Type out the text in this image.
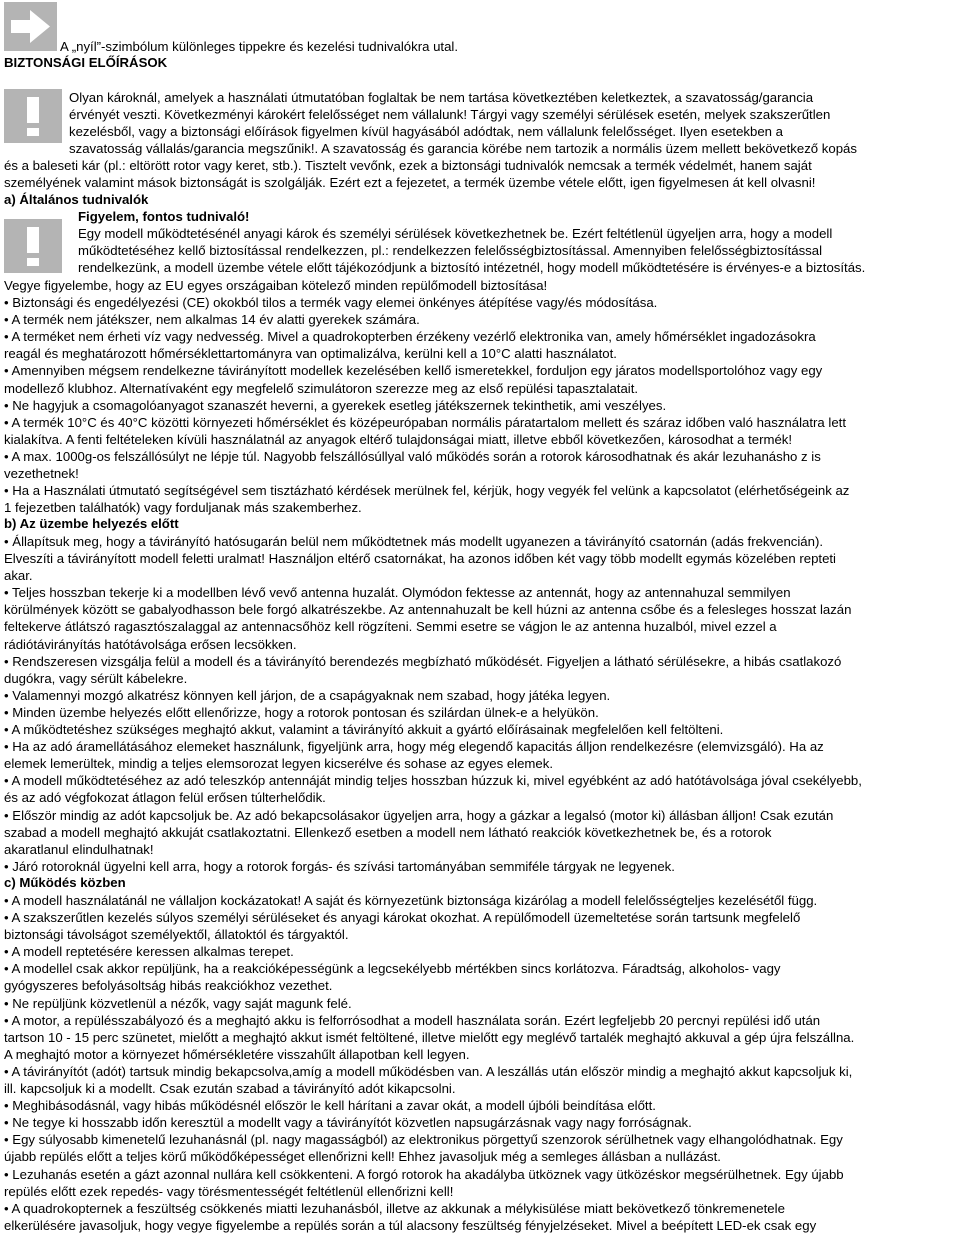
A „nyíl”-szimbólum különleges tippekre és kezelési tudnivalókra utal.
BIZTONSÁGI ELŐÍRÁSOK
Olyan károknál, amelyek a használati útmutatóban foglaltak be nem tartása következtében keletkeztek, a szavatosság/garancia
érvényét veszti. Következményi károkért felelősséget nem vállalunk! Tárgyi vagy személyi sérülések esetén, melyek szakszerűtlen
kezelésből, vagy a biztonsági előírások figyelmen kívül hagyásából adódtak, nem vállalunk felelősséget. Ilyen esetekben a
szavatosság vállalás/garancia megszűnik!. A szavatosság és garancia körébe nem tartozik a normális üzem mellett bekövetkező kopás
és a baleseti kár (pl.: eltörött rotor vagy keret, stb.). Tisztelt vevőnk, ezek a biztonsági tudnivalók nemcsak a termék védelmét, hanem saját
személyének valamint mások biztonságát is szolgálják. Ezért ezt a fejezetet, a termék üzembe vétele előtt, igen figyelmesen át kell olvasni!
a) Általános tudnivalók
Figyelem, fontos tudnivaló!
Egy modell működtetésénél anyagi károk és személyi sérülések következhetnek be. Ezért feltétlenül ügyeljen arra, hogy a modell
működtetéséhez kellő biztosítással rendelkezzen, pl.: rendelkezzen felelősségbiztosítással. Amennyiben felelősségbiztosítással
rendelkezünk, a modell üzembe vétele előtt tájékozódjunk a biztosító intézetnél, hogy modell működtetésére is érvényes-e a biztosítás.

Vegye figyelembe, hogy az EU egyes országaiban kötelező minden repülőmodell biztosítása!

• Biztonsági és engedélyezési (CE) okokból tilos a termék vagy elemei önkényes átépítése vagy/és módosítása.

• A termék nem játékszer, nem alkalmas 14 év alatti gyerekek számára.

• A terméket nem érheti víz vagy nedvesség. Mivel a quadrokopterben érzékeny vezérlő elektronika van, amely hőmérséklet ingadozásokra

reagál és meghatározott hőmérséklettartományra van optimalizálva, kerülni kell a 10°C alatti használatot.

• Amennyiben mégsem rendelkezne távirányított modellek kezelésében kellő ismeretekkel, forduljon egy járatos modellsportolóhoz vagy egy

modellező klubhoz. Alternatívaként egy megfelelő szimulátoron szerezze meg az első repülési tapasztalatait.

• Ne hagyjuk a csomagolóanyagot szanaszét heverni, a gyerekek esetleg játékszernek tekinthetik, ami veszélyes.

• A termék 10°C és 40°C közötti környezeti hőmérséklet és középeurópaban normális páratartalom mellett és száraz időben való használatra lett

kialakítva. A fenti feltételeken kívüli használatnál az anyagok eltérő tulajdonságai miatt, illetve ebből következően, károsodhat a termék!

• A max. 1000g-os felszállósúlyt ne lépje túl. Nagyobb felszállósúllyal való működés során a rotorok károsodhatnak és akár lezuhanásho z is

vezethetnek!

• Ha a Használati útmutató segítségével sem tisztázható kérdések merülnek fel, kérjük, hogy vegyék fel velünk a kapcsolatot (elérhetőségeink az

1 fejezetben találhatók) vagy forduljanak más szakemberhez.

b) Az üzembe helyezés előtt

• Állapítsuk meg, hogy a távirányító hatósugarán belül nem működtetnek más modellt ugyanezen a távirányító csatornán (adás frekvencián).

Elveszíti a távirányított modell feletti uralmat! Használjon eltérő csatornákat, ha azonos időben két vagy több modellt egymás közelében repteti

akar.

• Teljes hosszban tekerje ki a modellben lévő vevő antenna huzalát. Olymódon fektesse az antennát, hogy az antennahuzal semmilyen

körülmények között se gabalyodhasson bele forgó alkatrészekbe. Az antennahuzalt be kell húzni az antenna csőbe és a felesleges hosszat lazán

feltekerve átlátszó ragasztószalaggal az antennacsőhöz kell rögzíteni. Semmi esetre se vágjon le az antenna huzalból, mivel ezzel a

rádiótávirányítás hatótávolsága erősen lecsökken.

• Rendszeresen vizsgálja felül a modell és a távirányító berendezés megbízható működését. Figyeljen a látható sérülésekre, a hibás csatlakozó

dugókra, vagy sérült kábelekre.

• Valamennyi mozgó alkatrész könnyen kell járjon, de a csapágyaknak nem szabad, hogy játéka legyen.

• Minden üzembe helyezés előtt ellenőrizze, hogy a rotorok pontosan és szilárdan ülnek-e a helyükön.

• A működtetéshez szükséges meghajtó akkut, valamint a távirányító akkuit a gyártó előírásainak megfelelően kell feltölteni.

• Ha az adó áramellátásához elemeket használunk, figyeljünk arra, hogy még elegendő kapacitás álljon rendelkezésre (elemvizsgáló). Ha az

elemek lemerültek, mindig a teljes elemsorozat legyen kicserélve és sohase az egyes elemek.

• A modell működtetéséhez az adó teleszkóp antennáját mindig teljes hosszban húzzuk ki, mivel egyébként az adó hatótávolsága jóval csekélyebb,

és az adó végfokozat átlagon felül erősen túlterhelődik.

• Először mindig az adót kapcsoljuk be. Az adó bekapcsolásakor ügyeljen arra, hogy a gázkar a legalsó (motor ki) állásban álljon! Csak ezután

szabad a modell meghajtó akkuját csatlakoztatni. Ellenkező esetben a modell nem látható reakciók következhetnek be, és a rotorok

akaratlanul elindulhatnak!

• Járó rotoroknál ügyelni kell arra, hogy a rotorok forgás- és szívási tartományában semmiféle tárgyak ne legyenek.

c) Működés közben

• A modell használatánál ne vállaljon kockázatokat! A saját és környezetünk biztonsága kizárólag a modell felelősségteljes kezelésétől függ.

• A szakszerűtlen kezelés súlyos személyi sérüléseket és anyagi károkat okozhat. A repülőmodell üzemeltetése során tartsunk megfelelő

biztonsági távolságot személyektől, állatoktól és tárgyaktól.

• A modell reptetésére keressen alkalmas terepet.

• A modellel csak akkor repüljünk, ha a reakcióképességünk a legcsekélyebb mértékben sincs korlátozva. Fáradtság, alkoholos- vagy

gyógyszeres befolyásoltság hibás reakciókhoz vezethet.

• Ne repüljünk közvetlenül a nézők, vagy saját magunk felé.

• A motor, a repülésszabályozó és a meghajtó akku is felforrósodhat a modell használata során. Ezért legfeljebb 20 percnyi repülési idő után

tartson 10 - 15 perc szünetet, mielőtt a meghajtó akkut ismét feltöltené, illetve mielőtt egy meglévő tartalék meghajtó akkuval a gép újra felszállna.

A meghajtó motor a környezet hőmérsékletére visszahűlt állapotban kell legyen.

• A távirányítót (adót) tartsuk mindig bekapcsolva,amíg a modell működésben van. A leszállás után először mindig a meghajtó akkut kapcsoljuk ki,

ill. kapcsoljuk ki a modellt. Csak ezután szabad a távirányító adót kikapcsolni.

• Meghibásodásnál, vagy hibás működésnél először le kell hárítani a zavar okát, a modell újbóli beindítása előtt.

• Ne tegye ki hosszabb időn keresztül a modellt vagy a távirányítót közvetlen napsugárzásnak vagy nagy forróságnak.

• Egy súlyosabb kimenetelű lezuhanásnál (pl. nagy magasságból) az elektronikus pörgettyű szenzorok sérülhetnek vagy elhangolódhatnak. Egy

újabb repülés előtt a teljes körű működőképességet ellenőrizni kell! Ehhez javasoljuk még a semleges állásban a nullázást.

• Lezuhanás esetén a gázt azonnal nullára kell csökkenteni. A forgó rotorok ha akadályba ütköznek vagy ütközéskor megsérülhetnek. Egy újabb

repülés előtt ezek repedés- vagy törésmentességét feltétlenül ellenőrizni kell!

• A quadrokopternek a feszültség csökkenés miatti lezuhanásból, illetve az akkunak a mélykisülése miatt bekövetkező tönkremenetele

elkerülésére javasoljuk, hogy vegye figyelembe a repülés során a túl alacsony feszültség fényjelzéseket. Mivel a beépített LED-ek csak egy
